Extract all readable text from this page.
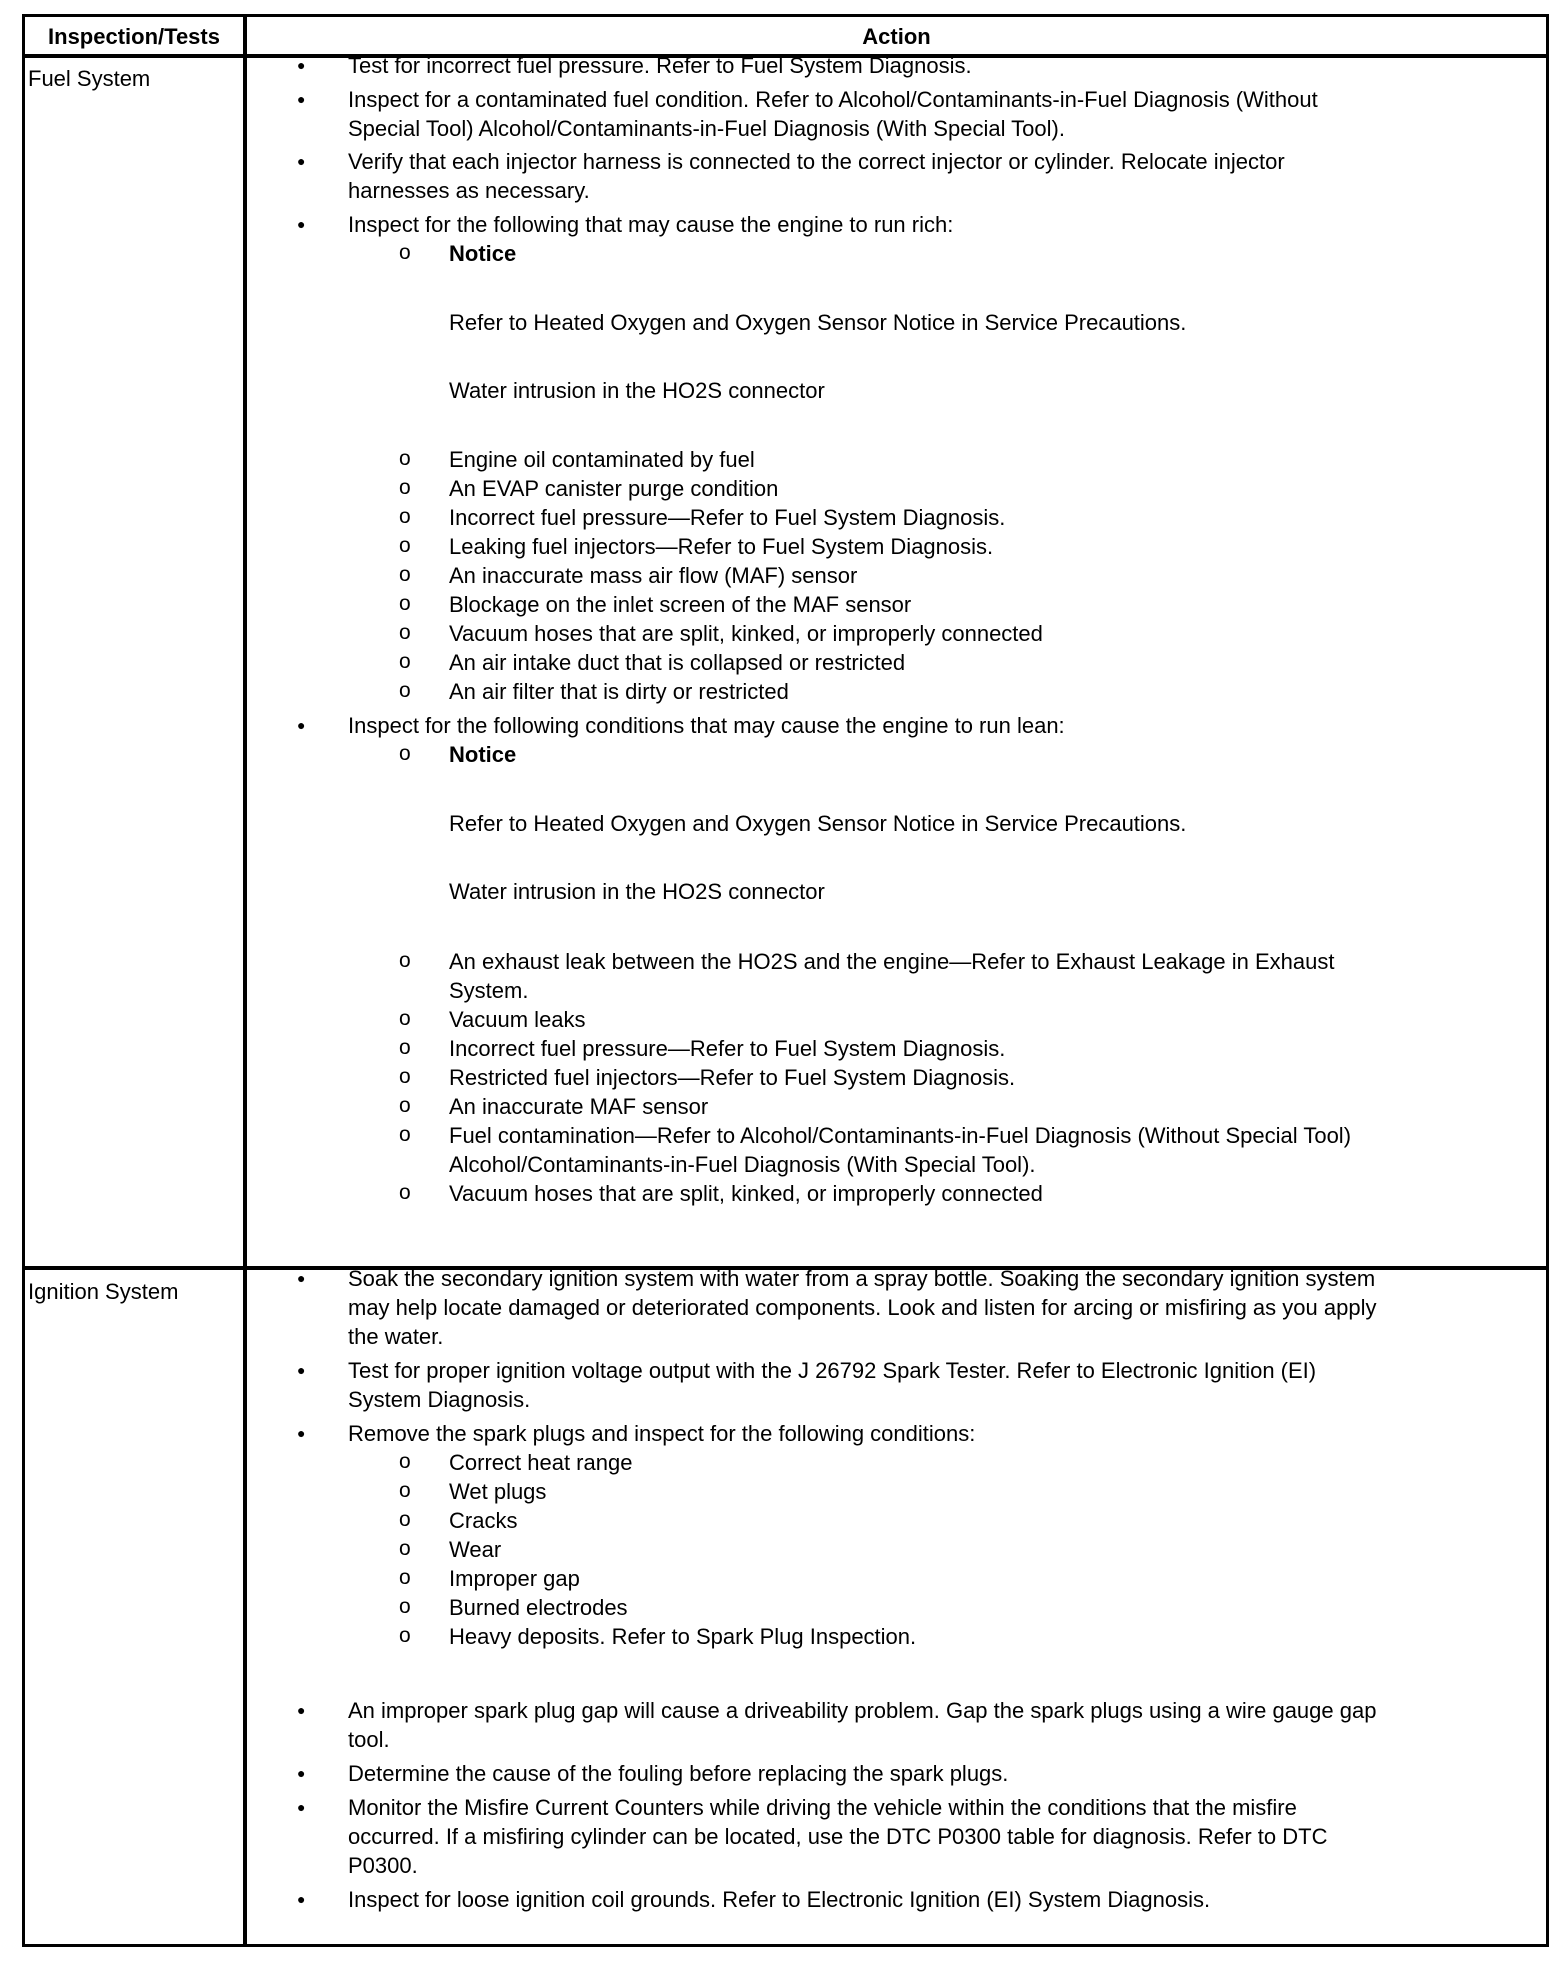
Inspection/Tests	Action
Fuel System
Ignition System
● Test for incorrect fuel pressure. Refer to Fuel System Diagnosis.
● Inspect for a contaminated fuel condition. Refer to Alcohol/Contaminants-in-Fuel Diagnosis (Without
Special Tool) Alcohol/Contaminants-in-Fuel Diagnosis (With Special Tool).
● Verify that each injector harness is connected to the correct injector or cylinder. Relocate injector
harnesses as necessary.
● Inspect for the following that may cause the engine to run rich:
o Notice
Refer to Heated Oxygen and Oxygen Sensor Notice in Service Precautions.
Water intrusion in the HO2S connector
o Engine oil contaminated by fuel
o An EVAP canister purge condition
o Incorrect fuel pressure—Refer to Fuel System Diagnosis.
o Leaking fuel injectors—Refer to Fuel System Diagnosis.
o An inaccurate mass air flow (MAF) sensor
o Blockage on the inlet screen of the MAF sensor
o Vacuum hoses that are split, kinked, or improperly connected
o An air intake duct that is collapsed or restricted
o An air filter that is dirty or restricted
● Inspect for the following conditions that may cause the engine to run lean:
o Notice
Refer to Heated Oxygen and Oxygen Sensor Notice in Service Precautions.
Water intrusion in the HO2S connector
o An exhaust leak between the HO2S and the engine—Refer to Exhaust Leakage in Exhaust
System.
o Vacuum leaks
o Incorrect fuel pressure—Refer to Fuel System Diagnosis.
o Restricted fuel injectors—Refer to Fuel System Diagnosis.
o An inaccurate MAF sensor
o Fuel contamination—Refer to Alcohol/Contaminants-in-Fuel Diagnosis (Without Special Tool)
Alcohol/Contaminants-in-Fuel Diagnosis (With Special Tool).
o Vacuum hoses that are split, kinked, or improperly connected
● Soak the secondary ignition system with water from a spray bottle. Soaking the secondary ignition system
may help locate damaged or deteriorated components. Look and listen for arcing or misfiring as you apply
the water.
● Test for proper ignition voltage output with the J 26792 Spark Tester. Refer to Electronic Ignition (EI)
System Diagnosis.
● Remove the spark plugs and inspect for the following conditions:
o Correct heat range
o Wet plugs
o Cracks
o Wear
o Improper gap
o Burned electrodes
o Heavy deposits. Refer to Spark Plug Inspection.
● An improper spark plug gap will cause a driveability problem. Gap the spark plugs using a wire gauge gap
tool.
● Determine the cause of the fouling before replacing the spark plugs.
● Monitor the Misfire Current Counters while driving the vehicle within the conditions that the misfire
occurred. If a misfiring cylinder can be located, use the DTC P0300 table for diagnosis. Refer to DTC
P0300.
● Inspect for loose ignition coil grounds. Refer to Electronic Ignition (EI) System Diagnosis.
